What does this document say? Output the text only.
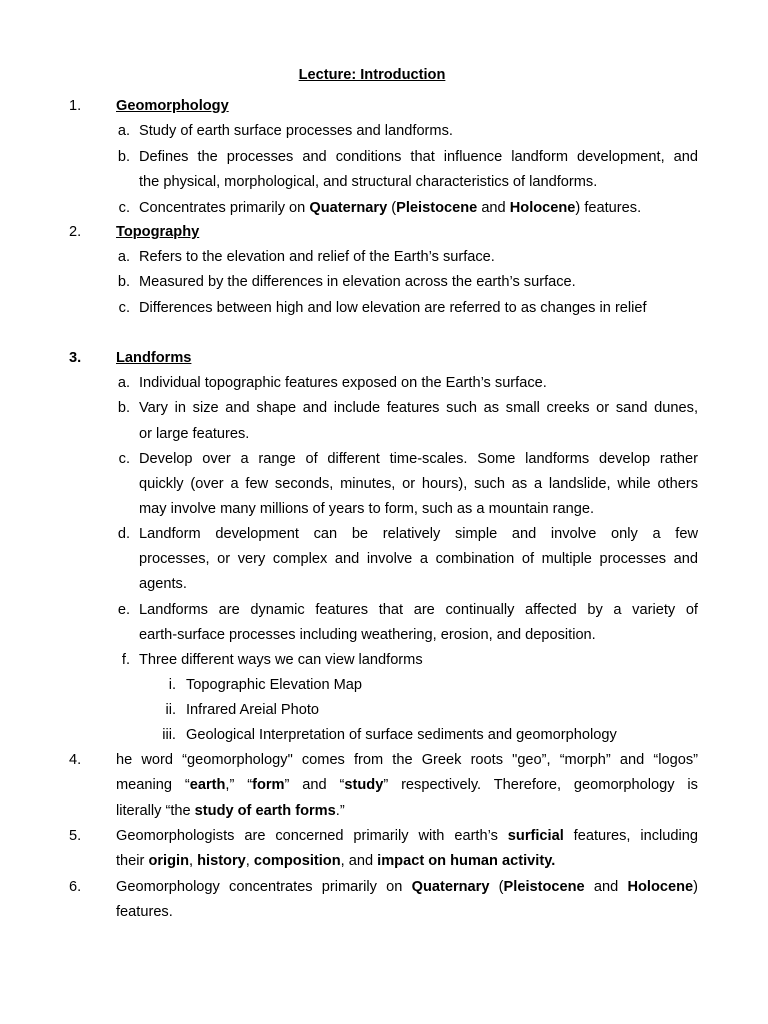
Lecture: Introduction
1.	Geomorphology
a. Study of earth surface processes and landforms.
b. Defines the processes and conditions that influence landform development, and
the physical, morphological, and structural characteristics of landforms.
c. Concentrates primarily on Quaternary (Pleistocene and Holocene) features.
2.	Topography
a. Refers to the elevation and relief of the Earth’s surface.
b. Measured by the differences in elevation across the earth’s surface.
c. Differences between high and low elevation are referred to as changes in relief
3.	Landforms
a. Individual topographic features exposed on the Earth’s surface.
b. Vary in size and shape and include features such as small creeks or sand dunes,
or large features.
c. Develop over a range of different time-scales. Some landforms develop rather
quickly (over a few seconds, minutes, or hours), such as a landslide, while others
may involve many millions of years to form, such as a mountain range.
d. Landform development can be relatively simple and involve only a few
processes, or very complex and involve a combination of multiple processes and
agents.
e. Landforms are dynamic features that are continually affected by a variety of
earth-surface processes including weathering, erosion, and deposition.
f. Three different ways we can view landforms
i. Topographic Elevation Map
ii. Infrared Areial Photo
iii. Geological Interpretation of surface sediments and geomorphology
4.	he word “geomorphology" comes from the Greek roots "geo”, “morph” and “logos”
meaning “earth,” “form” and “study” respectively. Therefore, geomorphology is
literally “the study of earth forms.”
5.	Geomorphologists are concerned primarily with earth’s surficial features, including
their origin, history, composition, and impact on human activity.
6.	Geomorphology concentrates primarily on Quaternary (Pleistocene and Holocene)
features.
